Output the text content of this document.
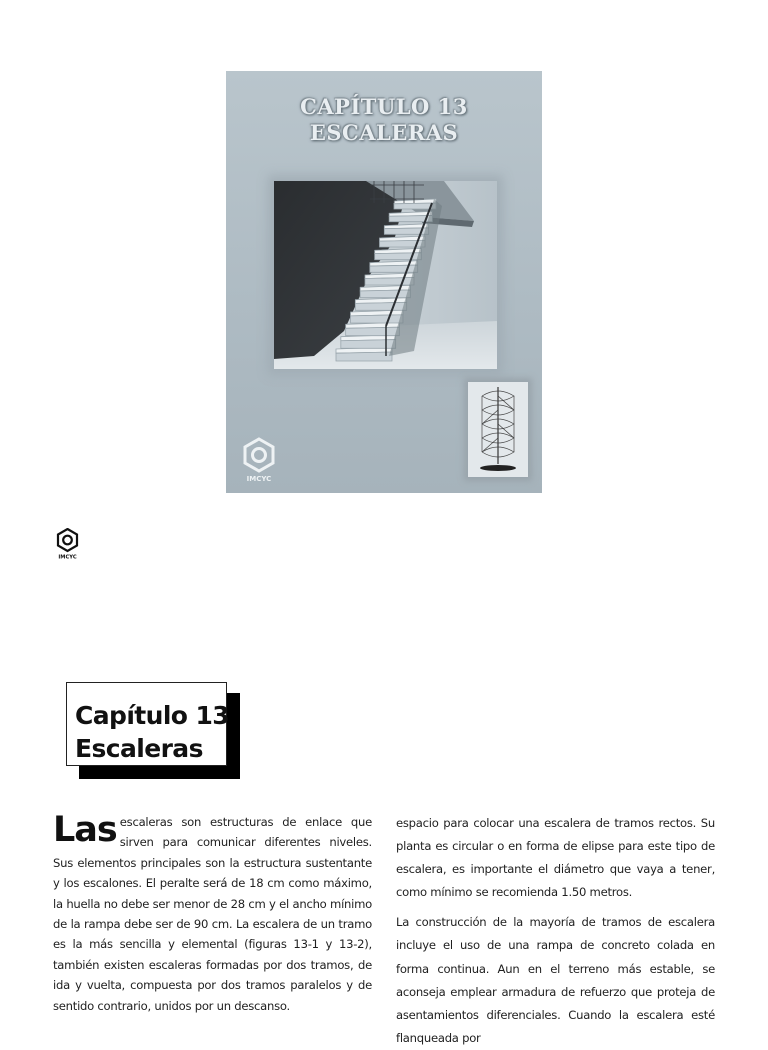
CAPÍTULO 13
ESCALERAS
IMCYC
IMCYC
Capítulo 13
Escaleras

Las escaleras son estructuras de enlace que sirven para comunicar diferentes niveles. Sus elementos principales son la estructura sustentante y los escalones. El peralte será de 18 cm como máximo, la huella no debe ser menor de 28 cm y el ancho mínimo de la rampa debe ser de 90 cm. La escalera de un tramo es la más sencilla y elemental (figuras 13-1 y 13-2), también existen escaleras formadas por dos tramos, de ida y vuelta, compuesta por dos tramos paralelos y de sentido contrario, unidos por un descanso.

espacio para colocar una escalera de tramos rectos. Su planta es circular o en forma de elipse para este tipo de escalera, es importante el diámetro que vaya a tener, como mínimo se recomienda 1.50 metros.

La construcción de la mayoría de tramos de escalera incluye el uso de una rampa de concreto colada en forma continua. Aun en el terreno más estable, se aconseja emplear armadura de refuerzo que proteja de asentamientos diferenciales. Cuando la escalera esté flanqueada por
